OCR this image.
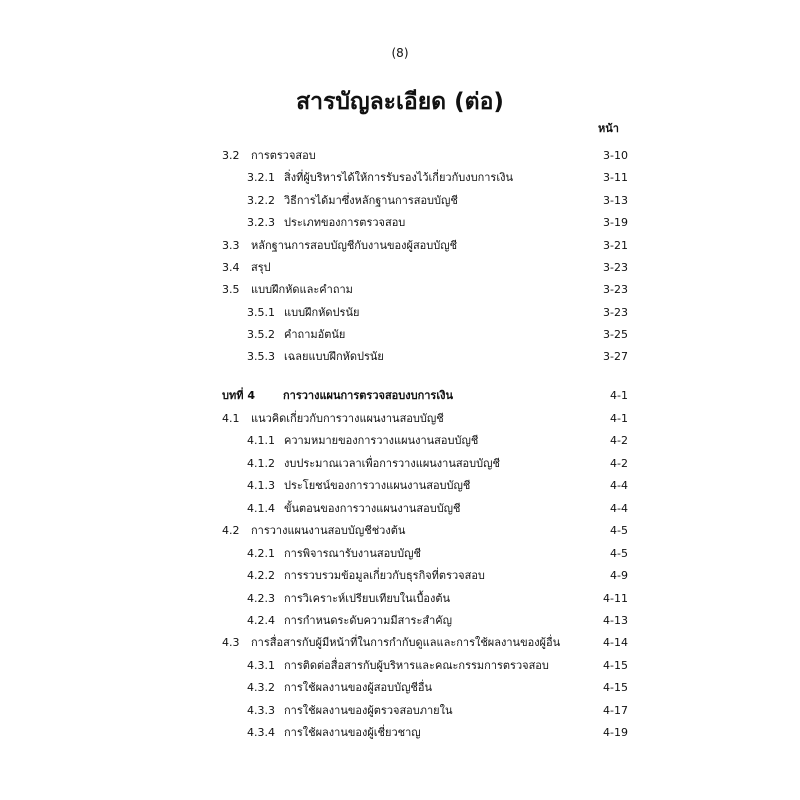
(8)
สารบัญละเอียด (ต่อ)
หน้า
3.2 การตรวจสอบ	3-10
3.2.1 สิ่งที่ผู้บริหารได้ให้การรับรองไว้เกี่ยวกับงบการเงิน	3-11
3.2.2 วิธีการได้มาซึ่งหลักฐานการสอบบัญชี	3-13
3.2.3 ประเภทของการตรวจสอบ	3-19
3.3 หลักฐานการสอบบัญชีกับงานของผู้สอบบัญชี	3-21
3.4 สรุป	3-23
3.5 แบบฝึกหัดและคำถาม	3-23
3.5.1 แบบฝึกหัดปรนัย	3-23
3.5.2 คำถามอัตนัย	3-25
3.5.3 เฉลยแบบฝึกหัดปรนัย	3-27
บทที่ 4	การวางแผนการตรวจสอบงบการเงิน	4-1
4.1 แนวคิดเกี่ยวกับการวางแผนงานสอบบัญชี	4-1
4.1.1 ความหมายของการวางแผนงานสอบบัญชี	4-2
4.1.2 งบประมาณเวลาเพื่อการวางแผนงานสอบบัญชี	4-2
4.1.3 ประโยชน์ของการวางแผนงานสอบบัญชี	4-4
4.1.4 ขั้นตอนของการวางแผนงานสอบบัญชี	4-4
4.2 การวางแผนงานสอบบัญชีช่วงต้น	4-5
4.2.1 การพิจารณารับงานสอบบัญชี	4-5
4.2.2 การรวบรวมข้อมูลเกี่ยวกับธุรกิจที่ตรวจสอบ	4-9
4.2.3 การวิเคราะห์เปรียบเทียบในเบื้องต้น	4-11
4.2.4 การกำหนดระดับความมีสาระสำคัญ	4-13
4.3 การสื่อสารกับผู้มีหน้าที่ในการกำกับดูแลและการใช้ผลงานของผู้อื่น	4-14
4.3.1 การติดต่อสื่อสารกับผู้บริหารและคณะกรรมการตรวจสอบ	4-15
4.3.2 การใช้ผลงานของผู้สอบบัญชีอื่น	4-15
4.3.3 การใช้ผลงานของผู้ตรวจสอบภายใน	4-17
4.3.4 การใช้ผลงานของผู้เชี่ยวชาญ	4-19
